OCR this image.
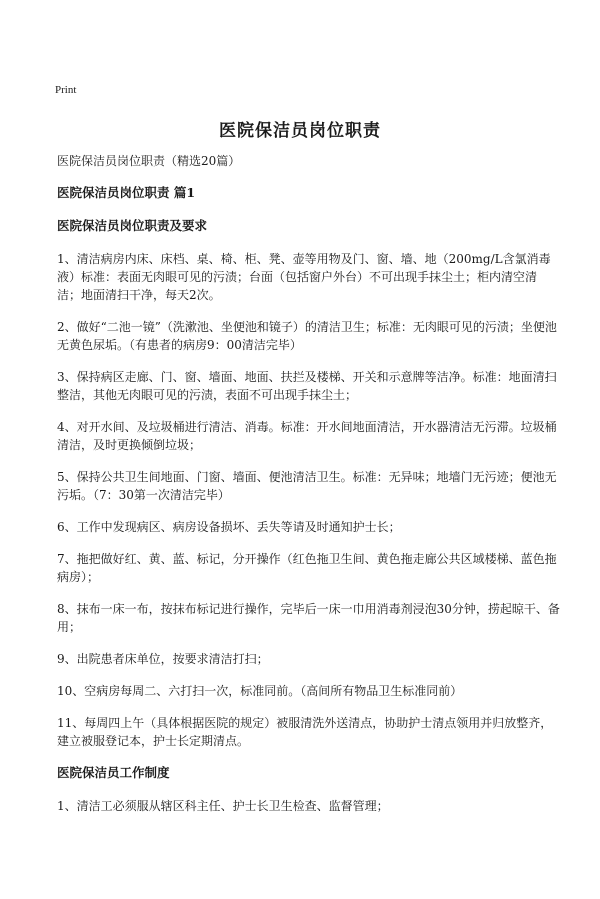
Print
医院保洁员岗位职责

医院保洁员岗位职责（精选20篇）

医院保洁员岗位职责 篇1

医院保洁员岗位职责及要求

1、清洁病房内床、床档、桌、椅、柜、凳、壶等用物及门、窗、墙、地（200mg/L含氯消毒液）标准：表面无肉眼可见的污渍；台面（包括窗户外台）不可出现手抹尘土；柜内清空清洁；地面清扫干净，每天2次。

2、做好“二池一镜”（洗漱池、坐便池和镜子）的清洁卫生；标准：无肉眼可见的污渍；坐便池无黄色尿垢。（有患者的病房9：00清洁完毕）

3、保持病区走廊、门、窗、墙面、地面、扶拦及楼梯、开关和示意牌等洁净。标准：地面清扫整洁，其他无肉眼可见的污渍，表面不可出现手抹尘土；

4、对开水间、及垃圾桶进行清洁、消毒。标准：开水间地面清洁，开水器清洁无污滞。垃圾桶清洁，及时更换倾倒垃圾；

5、保持公共卫生间地面、门窗、墙面、便池清洁卫生。标准：无异味；地墙门无污迹；便池无污垢。（7：30第一次清洁完毕）

6、工作中发现病区、病房设备损坏、丢失等请及时通知护士长；

7、拖把做好红、黄、蓝、标记，分开操作（红色拖卫生间、黄色拖走廊公共区域楼梯、蓝色拖病房）；

8、抹布一床一布，按抹布标记进行操作，完毕后一床一巾用消毒剂浸泡30分钟，捞起晾干、备用；

9、出院患者床单位，按要求清洁打扫；

10、空病房每周二、六打扫一次，标准同前。（高间所有物品卫生标准同前）

11、每周四上午（具体根据医院的规定）被服清洗外送清点，协助护士清点领用并归放整齐，建立被服登记本，护士长定期清点。

医院保洁员工作制度

1、清洁工必须服从辖区科主任、护士长卫生检查、监督管理；
